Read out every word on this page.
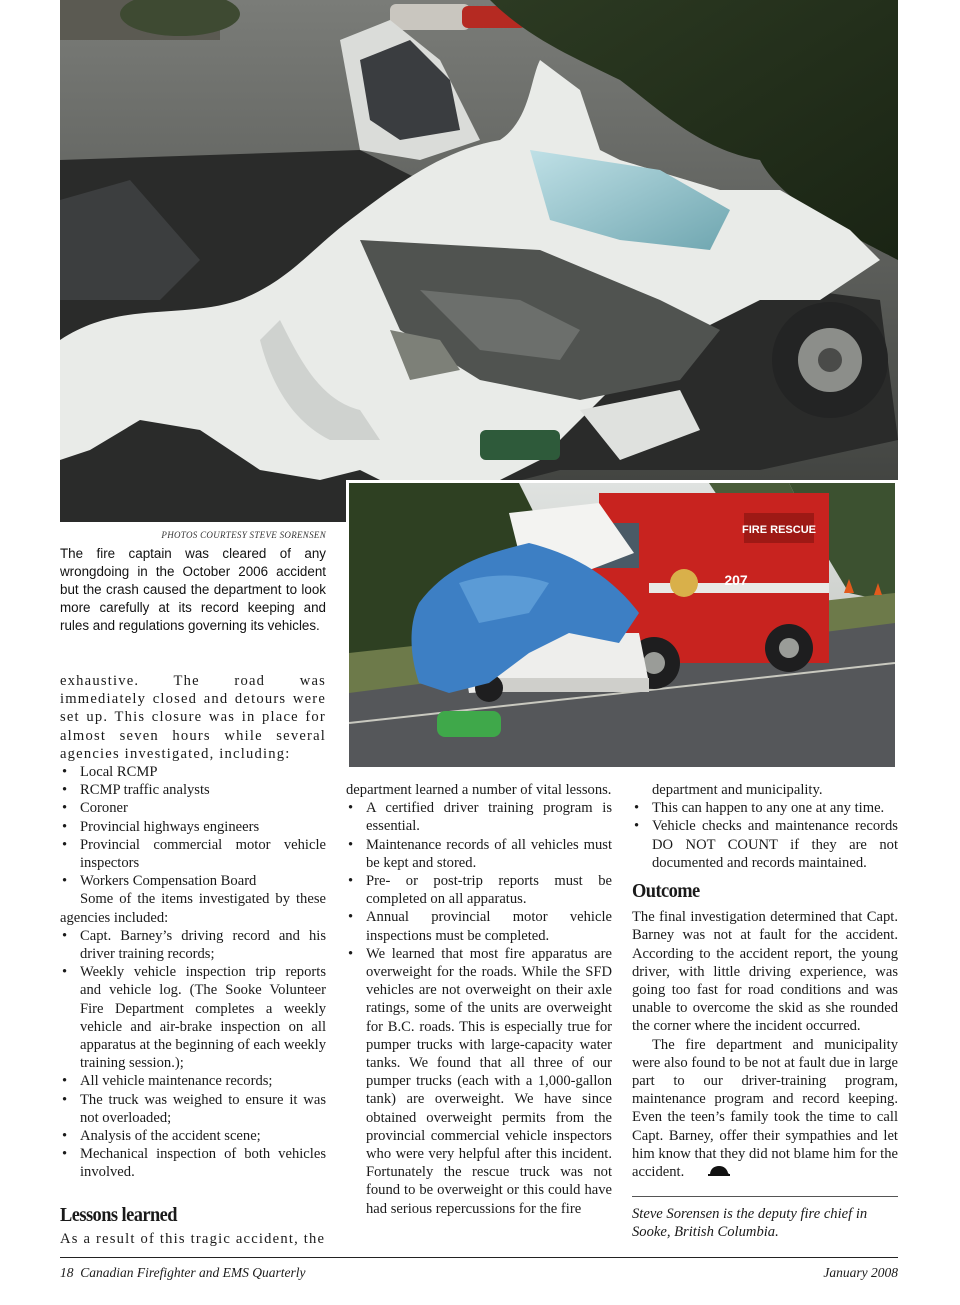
FIRE RESCUE
207
PHOTOS COURTESY STEVE SORENSEN
The fire captain was cleared of any wrongdoing in the October 2006 accident but the crash caused the department to look more carefully at its record keeping and rules and regulations governing its vehicles.

exhaustive. The road was immediately closed and detours were set up. This closure was in place for almost seven hours while several agencies investigated, including:

• Local RCMP
• RCMP traffic analysts
• Coroner
• Provincial highways engineers
• Provincial commercial motor vehicle inspectors
• Workers Compensation Board

Some of the items investigated by these agencies included:

• Capt. Barney’s driving record and his driver training records;
• Weekly vehicle inspection trip reports and vehicle log. (The Sooke Volunteer Fire Department completes a weekly vehicle and air-brake inspection on all apparatus at the beginning of each weekly training session.);
• All vehicle maintenance records;
• The truck was weighed to ensure it was not overloaded;
• Analysis of the accident scene;
• Mechanical inspection of both vehicles involved.
Lessons learned

As a result of this tragic accident, the

department learned a number of vital lessons.

• A certified driver training program is essential.
• Maintenance records of all vehicles must be kept and stored.
• Pre- or post-trip reports must be completed on all apparatus.
• Annual provincial motor vehicle inspections must be completed.
• We learned that most fire apparatus are overweight for the roads. While the SFD vehicles are not overweight on their axle ratings, some of the units are overweight for B.C. roads. This is especially true for pumper trucks with large-capacity water tanks. We found that all three of our pumper trucks (each with a 1,000-gallon tank) are overweight. We have since obtained overweight permits from the provincial commercial vehicle inspectors who were very helpful after this incident. Fortunately the rescue truck was not found to be overweight or this could have had serious repercussions for the fire

department and municipality.

• This can happen to any one at any time.
• Vehicle checks and maintenance records DO NOT COUNT if they are not documented and records maintained.
Outcome

The final investigation determined that Capt. Barney was not at fault for the accident. According to the accident report, the young driver, with little driving experience, was going too fast for road conditions and was unable to overcome the skid as she rounded the corner where the incident occurred.

The fire department and municipality were also found to be not at fault due in large part to our driver-training program, maintenance program and record keeping. Even the teen’s family took the time to call Capt. Barney, offer their sympathies and let him know that they did not blame him for the accident.

Steve Sorensen is the deputy fire chief in Sooke, British Columbia.

18  Canadian Firefighter and EMS Quarterly	January 2008
